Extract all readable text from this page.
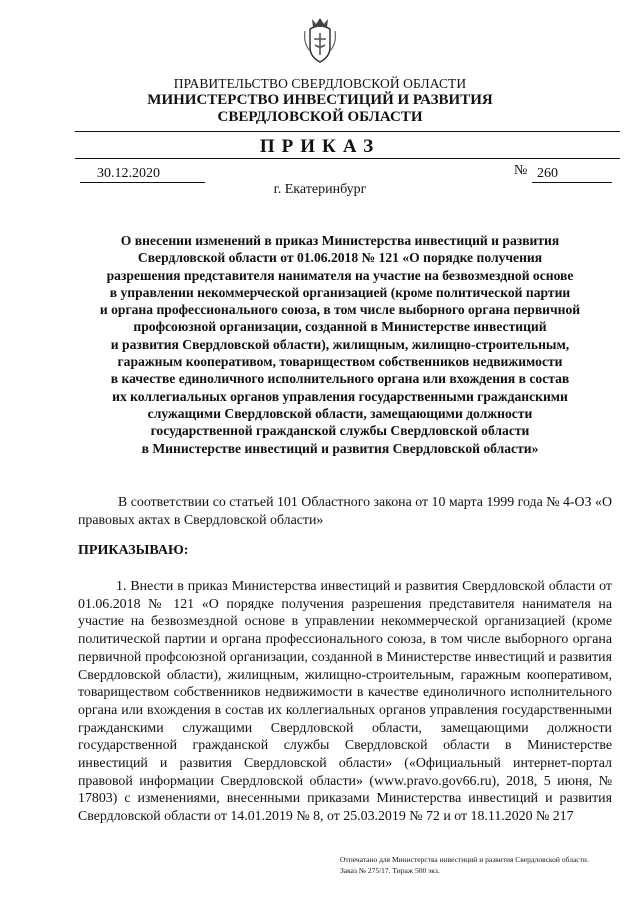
ПРАВИТЕЛЬСТВО СВЕРДЛОВСКОЙ ОБЛАСТИ
МИНИСТЕРСТВО ИНВЕСТИЦИЙ И РАЗВИТИЯ
СВЕРДЛОВСКОЙ ОБЛАСТИ
ПРИКАЗ
30.12.2020	№ 260
г. Екатеринбург
О внесении изменений в приказ Министерства инвестиций и развития
Свердловской области от 01.06.2018 № 121 «О порядке получения
разрешения представителя нанимателя на участие на безвозмездной основе
в управлении некоммерческой организацией (кроме политической партии
и органа профессионального союза, в том числе выборного органа первичной
профсоюзной организации, созданной в Министерстве инвестиций
и развития Свердловской области), жилищным, жилищно-строительным,
гаражным кооперативом, товариществом собственников недвижимости
в качестве единоличного исполнительного органа или вхождения в состав
их коллегиальных органов управления государственными гражданскими
служащими Свердловской области, замещающими должности
государственной гражданской службы Свердловской области
в Министерстве инвестиций и развития Свердловской области»
В соответствии со статьей 101 Областного закона от 10 марта 1999 года № 4-ОЗ «О правовых актах в Свердловской области»
ПРИКАЗЫВАЮ:
1. Внести в приказ Министерства инвестиций и развития Свердловской области от 01.06.2018 № 121 «О порядке получения разрешения представителя нанимателя на участие на безвозмездной основе в управлении некоммерческой организацией (кроме политической партии и органа профессионального союза, в том числе выборного органа первичной профсоюзной организации, созданной в Министерстве инвестиций и развития Свердловской области), жилищным, жилищно-строительным, гаражным кооперативом, товариществом собственников недвижимости в качестве единоличного исполнительного органа или вхождения в состав их коллегиальных органов управления государственными гражданскими служащими Свердловской области, замещающими должности государственной гражданской службы Свердловской области в Министерстве инвестиций и развития Свердловской области» («Официальный интернет-портал правовой информации Свердловской области» (www.pravo.gov66.ru), 2018, 5 июня, № 17803) с изменениями, внесенными приказами Министерства инвестиций и развития Свердловской области от 14.01.2019 № 8, от 25.03.2019 № 72 и от 18.11.2020 № 217
Отпечатано для Министерства инвестиций и развития Свердловской области.
Заказ № 275/17. Тираж 500 экз.
